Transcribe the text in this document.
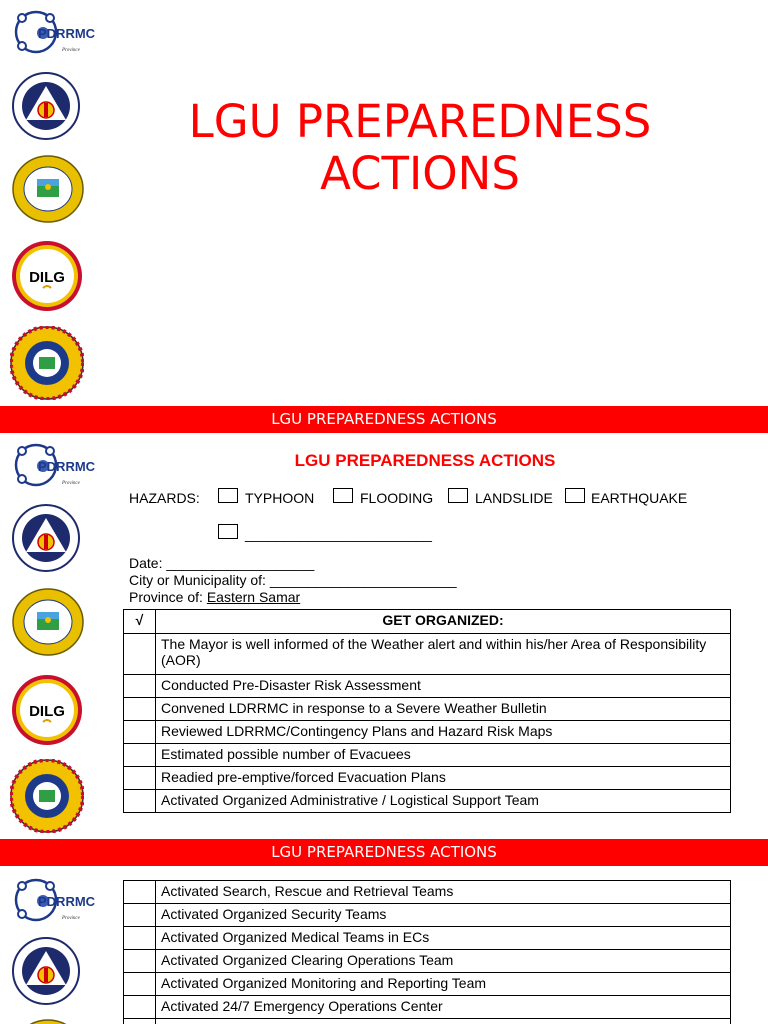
PDRRMC
Province
DILG
LGU PREPAREDNESS
ACTIONS
LGU PREPAREDNESS ACTIONS
PDRRMC
Province
DILG
LGU PREPAREDNESS ACTIONS
HAZARDS:	TYPHOON	FLOODING	LANDSLIDE	EARTHQUAKE
________________________
Date: ___________________
City or Municipality of: ________________________
Province of: Eastern Samar
√	GET ORGANIZED:
	The Mayor is well informed of the Weather alert and within his/her Area of Responsibility (AOR)
	Conducted Pre-Disaster Risk Assessment
	Convened LDRRMC in response to a Severe Weather Bulletin
	Reviewed LDRRMC/Contingency Plans and Hazard Risk Maps
	Estimated possible number of Evacuees
	Readied pre-emptive/forced Evacuation Plans
	Activated Organized Administrative / Logistical Support Team
LGU PREPAREDNESS ACTIONS
PDRRMC
Province
	Activated Search, Rescue and Retrieval Teams
	Activated Organized Security Teams
	Activated Organized Medical Teams in ECs
	Activated Organized Clearing Operations Team
	Activated Organized Monitoring and Reporting Team
	Activated 24/7 Emergency Operations Center
